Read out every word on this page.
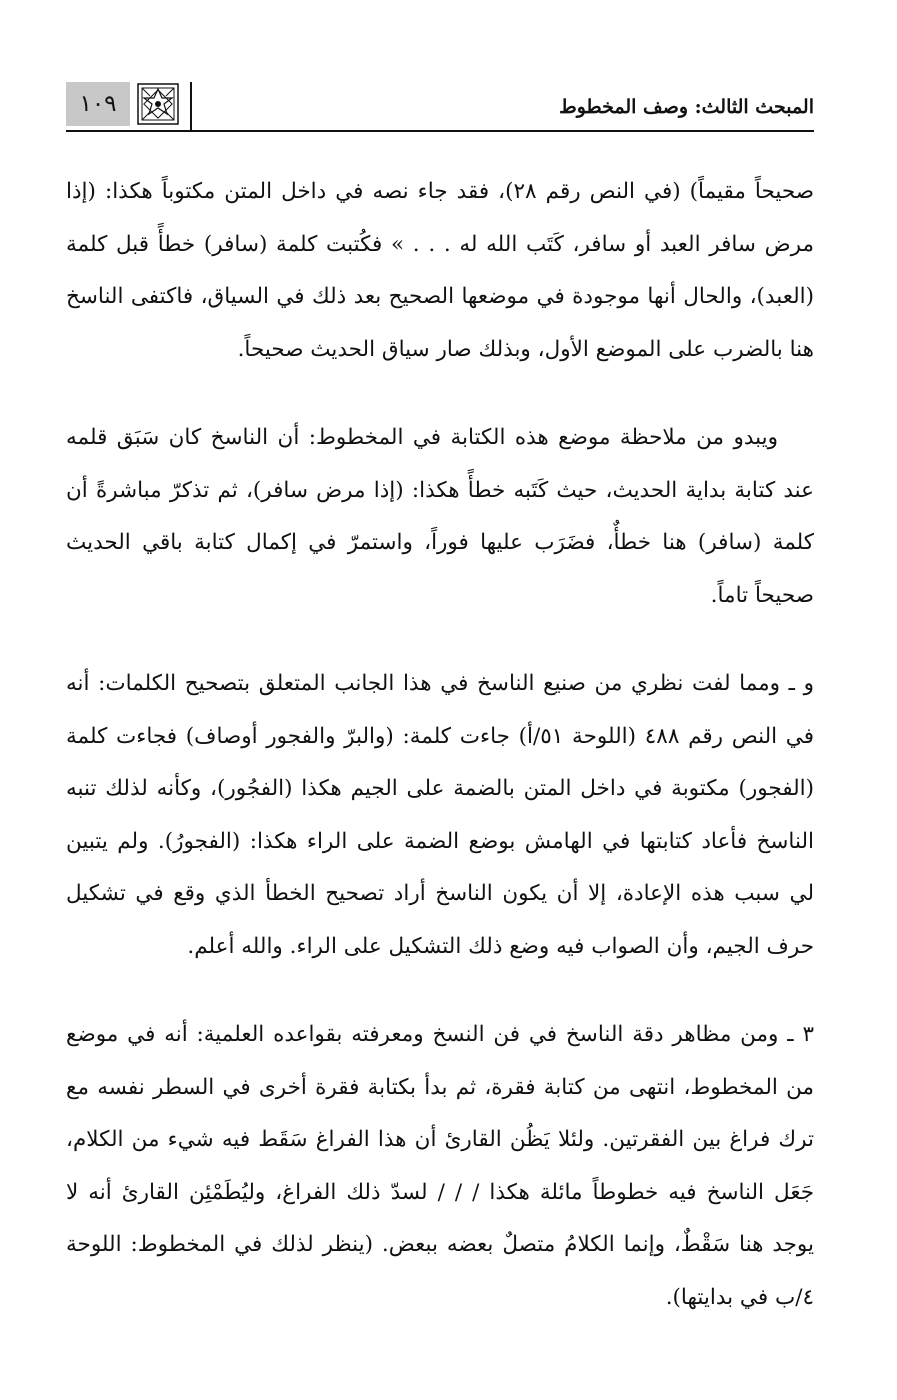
١٠٩	المبحث الثالث: وصف المخطوط

صحيحاً مقيماً) (في النص رقم ٢٨)، فقد جاء نصه في داخل المتن مكتوباً هكذا: (إذا مرض سافر العبد أو سافر، كَتَب الله له . . . » فكُتبت كلمة (سافر) خطأً قبل كلمة (العبد)، والحال أنها موجودة في موضعها الصحيح بعد ذلك في السياق، فاكتفى الناسخ هنا بالضرب على الموضع الأول، وبذلك صار سياق الحديث صحيحاً.

ويبدو من ملاحظة موضع هذه الكتابة في المخطوط: أن الناسخ كان سَبَق قلمه عند كتابة بداية الحديث، حيث كَتَبه خطأً هكذا: (إذا مرض سافر)، ثم تذكرّ مباشرةً أن كلمة (سافر) هنا خطأٌ، فضَرَب عليها فوراً، واستمرّ في إكمال كتابة باقي الحديث صحيحاً تاماً.

و ـ ومما لفت نظري من صنيع الناسخ في هذا الجانب المتعلق بتصحيح الكلمات: أنه في النص رقم ٤٨٨ (اللوحة ٥١/أ) جاءت كلمة: (والبرّ والفجور أوصاف) فجاءت كلمة (الفجور) مكتوبة في داخل المتن بالضمة على الجيم هكذا (الفجُور)، وكأنه لذلك تنبه الناسخ فأعاد كتابتها في الهامش بوضع الضمة على الراء هكذا: (الفجورُ). ولم يتبين لي سبب هذه الإعادة، إلا أن يكون الناسخ أراد تصحيح الخطأ الذي وقع في تشكيل حرف الجيم، وأن الصواب فيه وضع ذلك التشكيل على الراء. والله أعلم.

٣ ـ ومن مظاهر دقة الناسخ في فن النسخ ومعرفته بقواعده العلمية: أنه في موضع من المخطوط، انتهى من كتابة فقرة، ثم بدأ بكتابة فقرة أخرى في السطر نفسه مع ترك فراغ بين الفقرتين. ولئلا يَظُن القارئ أن هذا الفراغ سَقَط فيه شيء من الكلام، جَعَل الناسخ فيه خطوطاً مائلة هكذا / / / لسدّ ذلك الفراغ، وليُطَمْئِن القارئ أنه لا يوجد هنا سَقْطٌ، وإنما الكلامُ متصلٌ بعضه ببعض. (ينظر لذلك في المخطوط: اللوحة ٤/ب في بدايتها).
